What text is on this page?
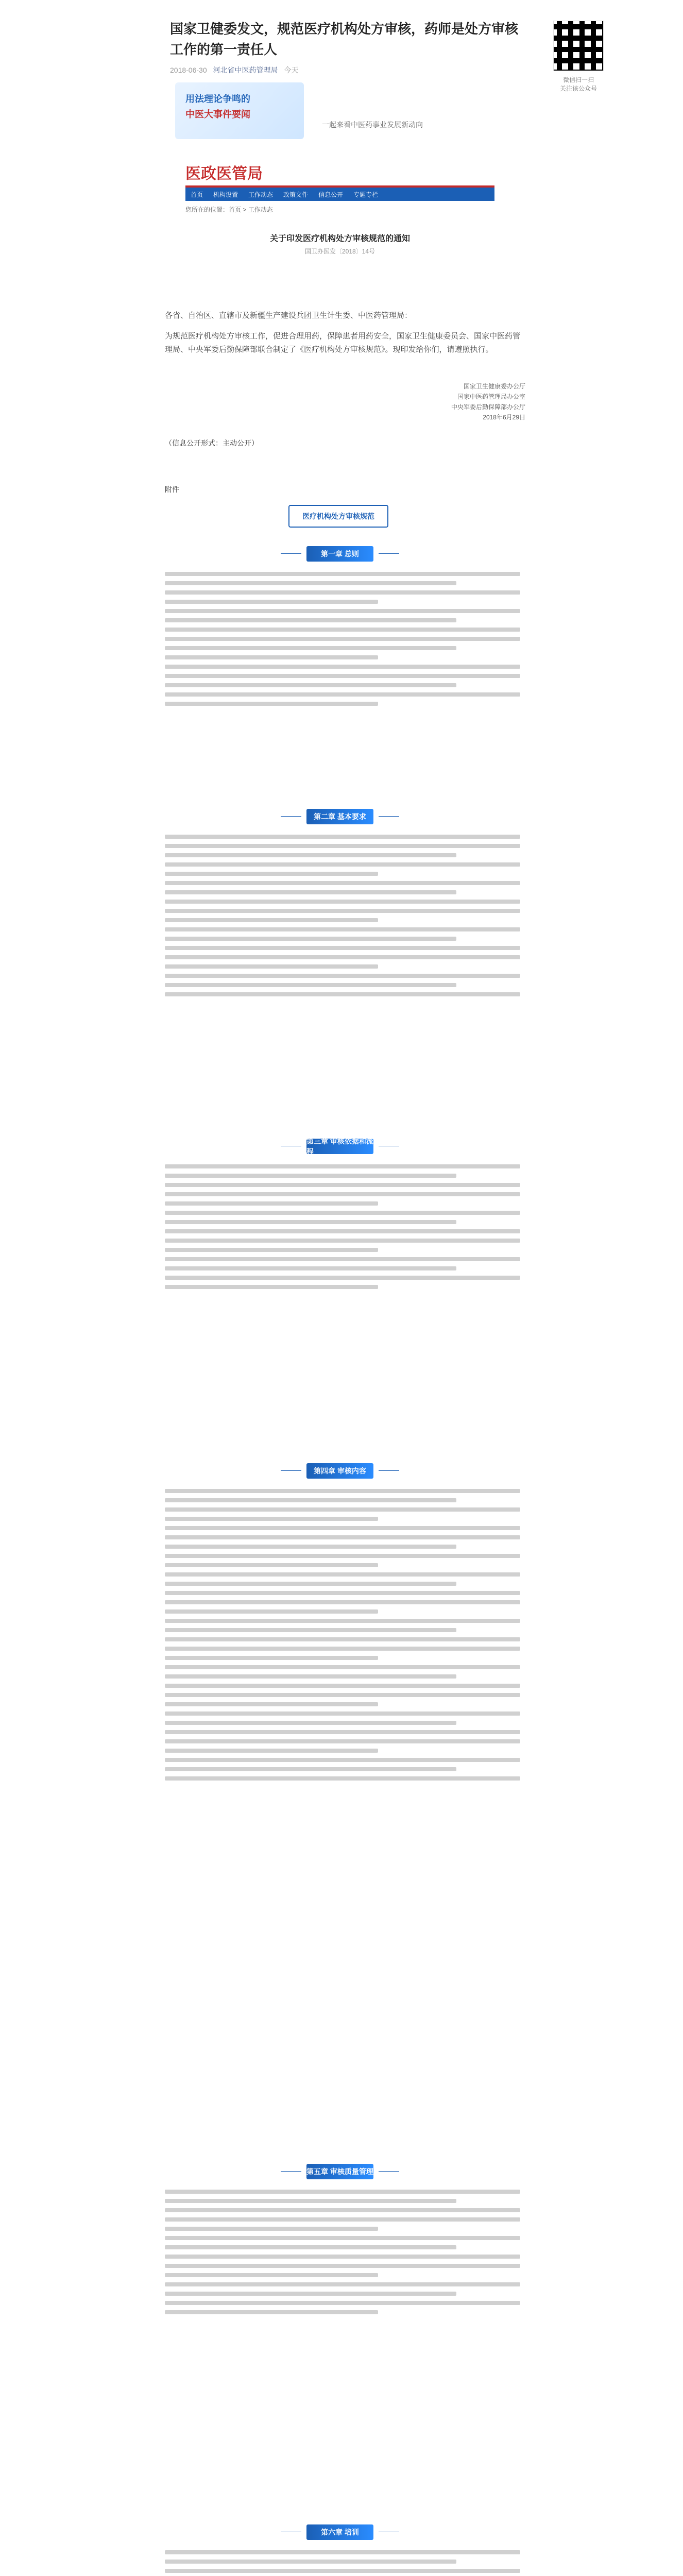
国家卫健委发文，规范医疗机构处方审核，药师是处方审核工作的第一责任人
2018-06-30 河北省中医药管理局 今天
微信扫一扫
关注该公众号
用法理论争鸣的
中医大事件要闻
一起来看中医药事业发展新动向
医政医管局
首页 机构设置 工作动态 政策文件 信息公开 专题专栏
您所在的位置：首页 > 工作动态
关于印发医疗机构处方审核规范的通知
国卫办医发〔2018〕14号
各省、自治区、直辖市及新疆生产建设兵团卫生计生委、中医药管理局：
为规范医疗机构处方审核工作，促进合理用药，保障患者用药安全，国家卫生健康委员会、国家中医药管理局、中央军委后勤保障部联合制定了《医疗机构处方审核规范》。现印发给你们，请遵照执行。
国家卫生健康委办公厅
国家中医药管理局办公室
中央军委后勤保障部办公厅
2018年6月29日
（信息公开形式：主动公开）
附件
医疗机构处方审核规范
第一章 总则
第二章 基本要求
第三章 审核依据和流程
第四章 审核内容
第五章 审核质量管理
第六章 培训
